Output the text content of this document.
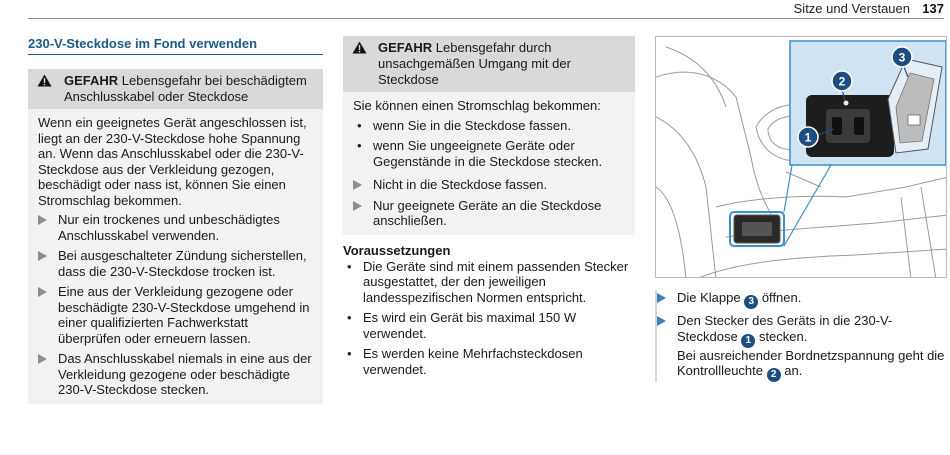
Sitze und Verstauen 137
230-V-Steckdose im Fond verwenden
GEFAHR Lebensgefahr bei beschädigtem Anschlusskabel oder Steckdose

Wenn ein geeignetes Gerät angeschlossen ist, liegt an der 230-V-Steckdose hohe Spannung an. Wenn das Anschlusskabel oder die 230-V-Steckdose aus der Verkleidung gezogen, beschädigt oder nass ist, können Sie einen Stromschlag bekommen.

Nur ein trockenes und unbeschädigtes Anschlusskabel verwenden.
Bei ausgeschalteter Zündung sicherstellen, dass die 230-V-Steckdose trocken ist.
Eine aus der Verkleidung gezogene oder beschädigte 230-V-Steckdose umgehend in einer qualifizierten Fachwerkstatt überprüfen oder erneuern lassen.
Das Anschlusskabel niemals in eine aus der Verkleidung gezogene oder beschädigte 230-V-Steckdose stecken.
GEFAHR Lebensgefahr durch unsachgemäßen Umgang mit der Steckdose

Sie können einen Stromschlag bekommen:

• wenn Sie in die Steckdose fassen.
• wenn Sie ungeeignete Geräte oder Gegenstände in die Steckdose stecken.
Nicht in die Steckdose fassen.
Nur geeignete Geräte an die Steckdose anschließen.
Voraussetzungen
• Die Geräte sind mit einem passenden Stecker ausgestattet, der den jeweiligen landesspezifischen Normen entspricht.
• Es wird ein Gerät bis maximal 150 W verwendet.
• Es werden keine Mehrfachsteckdosen verwendet.
1
2
3
Die Klappe 3 öffnen.
Den Stecker des Geräts in die 230-V-Steckdose 1 stecken.
Bei ausreichender Bordnetzspannung geht die Kontrollleuchte 2 an.
